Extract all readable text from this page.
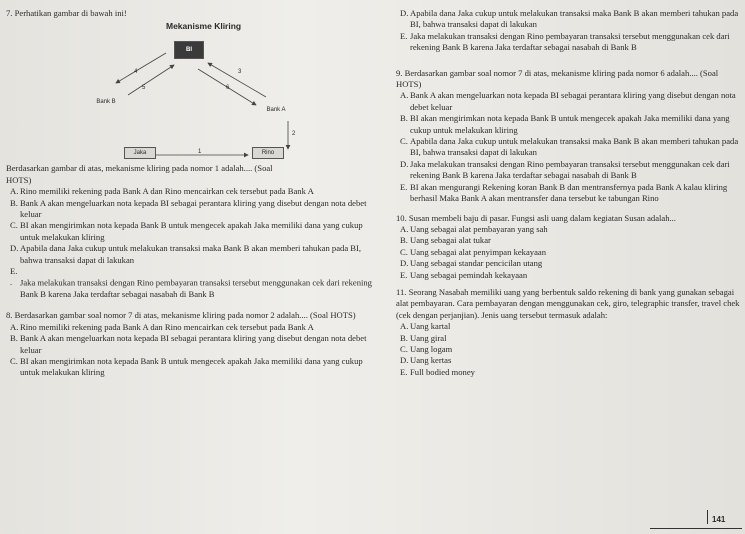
7. Perhatikan gambar di bawah ini!

Mekanisme Kliring
BI
Bank B
Bank A
Jaka	Rino
4
5
3
6
2
1

Berdasarkan gambar di atas, mekanisme kliring pada nomor 1 adalah.... (Soal

HOTS)

A. Rino memiliki rekening pada Bank A dan Rino mencairkan cek tersebut pada Bank A

B. Bank A akan mengeluarkan nota kepada BI sebagai perantara kliring yang disebut dengan nota debet keluar

C. BI akan mengirimkan nota kepada Bank B untuk mengecek apakah Jaka memiliki dana yang cukup untuk melakukan kliring

D. Apabila dana Jaka cukup untuk melakukan transaksi maka Bank B akan memberi tahukan pada BI, bahwa transaksi dapat di lakukan

E. . Jaka melakukan transaksi dengan Rino pembayaran transaksi tersebut menggunakan cek dari rekening Bank B karena Jaka terdaftar sebagai nasabah di Bank B

8. Berdasarkan gambar soal nomor 7 di atas, mekanisme kliring pada nomor 2 adalah.... (Soal HOTS)

A. Rino memiliki rekening pada Bank A dan Rino mencairkan cek tersebut pada Bank A

B. Bank A akan mengeluarkan nota kepada BI sebagai perantara kliring yang disebut dengan nota debet keluar

C. BI akan mengirimkan nota kepada Bank B untuk mengecek apakah Jaka memiliki dana yang cukup untuk melakukan kliring

D. Apabila dana Jaka cukup untuk melakukan transaksi maka Bank B akan memberi tahukan pada BI, bahwa transaksi dapat di lakukan

E. Jaka melakukan transaksi dengan Rino pembayaran transaksi tersebut menggunakan cek dari rekening Bank B karena Jaka terdaftar sebagai nasabah di Bank B

9. Berdasarkan gambar soal nomor 7 di atas, mekanisme kliring pada nomor 6 adalah.... (Soal HOTS)

A. Bank A akan mengeluarkan nota kepada BI sebagai perantara kliring yang disebut dengan nota debet keluar

B. BI akan mengirimkan nota kepada Bank B untuk mengecek apakah Jaka memiliki dana yang cukup untuk melakukan kliring

C. Apabila dana Jaka cukup untuk melakukan transaksi maka Bank B akan memberi tahukan pada BI, bahwa transaksi dapat di lakukan

D. Jaka melakukan transaksi dengan Rino pembayaran transaksi tersebut menggunakan cek dari rekening Bank B karena Jaka terdaftar sebagai nasabah di Bank B

E. BI akan mengurangi Rekening koran Bank B dan mentransfernya pada Bank A kalau kliring berhasil Maka Bank A akan mentransfer dana tersebut ke tabungan Rino

10. Susan membeli baju di pasar. Fungsi asli uang dalam kegiatan Susan adalah...

A. Uang sebagai alat pembayaran yang sah

B. Uang sebagai alat tukar

C. Uang sebagai alat penyimpan kekayaan

D. Uang sebagai standar pencicilan utang

E. Uang sebagai pemindah kekayaan

11. Seorang Nasabah memiliki uang yang berbentuk saldo rekening di bank yang gunakan sebagai alat pembayaran. Cara pembayaran dengan menggunakan cek, giro, telegraphic transfer, travel chek (cek dengan perjanjian). Jenis uang tersebut termasuk adalah:

A. Uang kartal

B. Uang giral

C. Uang logam

D. Uang kertas

E. Full bodied money

141
